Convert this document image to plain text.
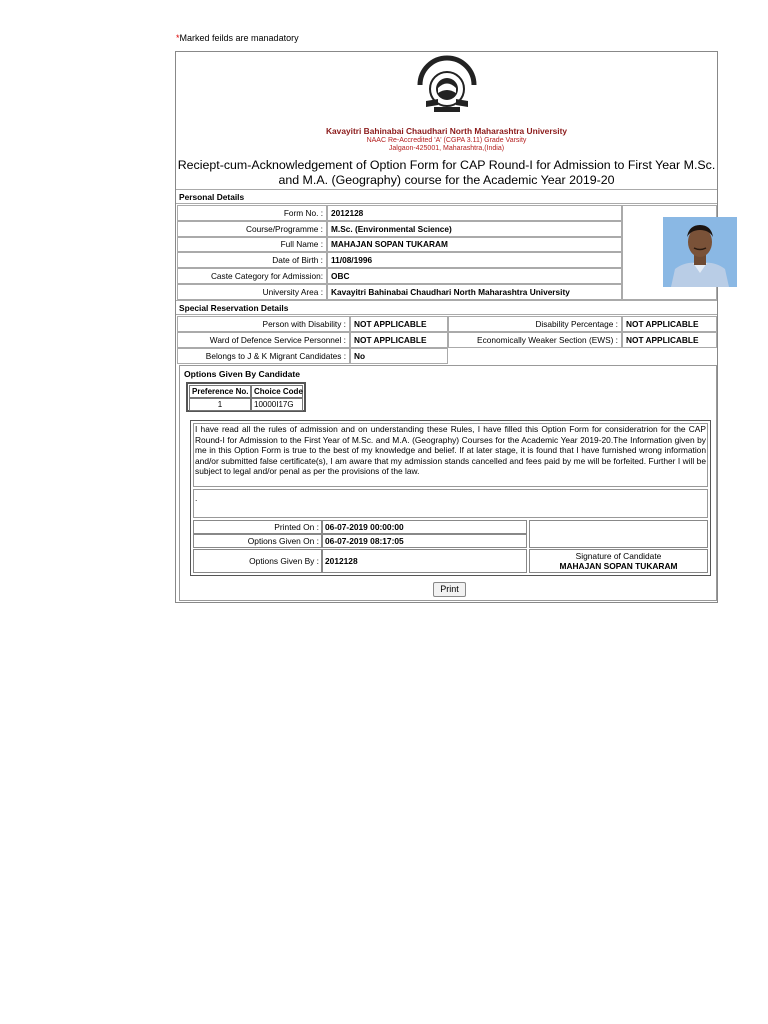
*Marked feilds are manadatory
Kavayitri Bahinabai Chaudhari North Maharashtra University
NAAC Re-Accredited 'A' (CGPA 3.11) Grade Varsity
Jalgaon-425001, Maharashtra,(India)
Reciept-cum-Acknowledgement of Option Form for CAP Round-I for Admission to First Year M.Sc. and M.A. (Geography) course for the Academic Year 2019-20
Personal Details
Form No. : 2012128
Course/Programme : M.Sc. (Environmental Science)
Full Name : MAHAJAN SOPAN TUKARAM
Date of Birth : 11/08/1996
Caste Category for Admission: OBC
University Area : Kavayitri Bahinabai Chaudhari North Maharashtra University
Special Reservation Details
Person with Disability : NOT APPLICABLE	Disability Percentage : NOT APPLICABLE
Ward of Defence Service Personnel : NOT APPLICABLE	Economically Weaker Section (EWS) : NOT APPLICABLE
Belongs to J & K Migrant Candidates : No
Options Given By Candidate
Preference No. Choice Code
1	10000I17G
I have read all the rules of admission and on understanding these Rules, I have filled this Option Form for consideratrion for the CAP Round-I for Admission to the First Year of M.Sc. and M.A. (Geography) Courses for the Academic Year 2019-20.The Information given by me in this Option Form is true to the best of my knowledge and belief. If at later stage, it is found that I have furnished wrong information and/or submitted false certificate(s), I am aware that my admission stands cancelled and fees paid by me will be forfeited. Further I will be subject to legal and/or penal as per the provisions of the law.
.
Printed On : 06-07-2019 00:00:00
Options Given On : 06-07-2019 08:17:05
Options Given By : 2012128	Signature of Candidate
MAHAJAN SOPAN TUKARAM
Print
